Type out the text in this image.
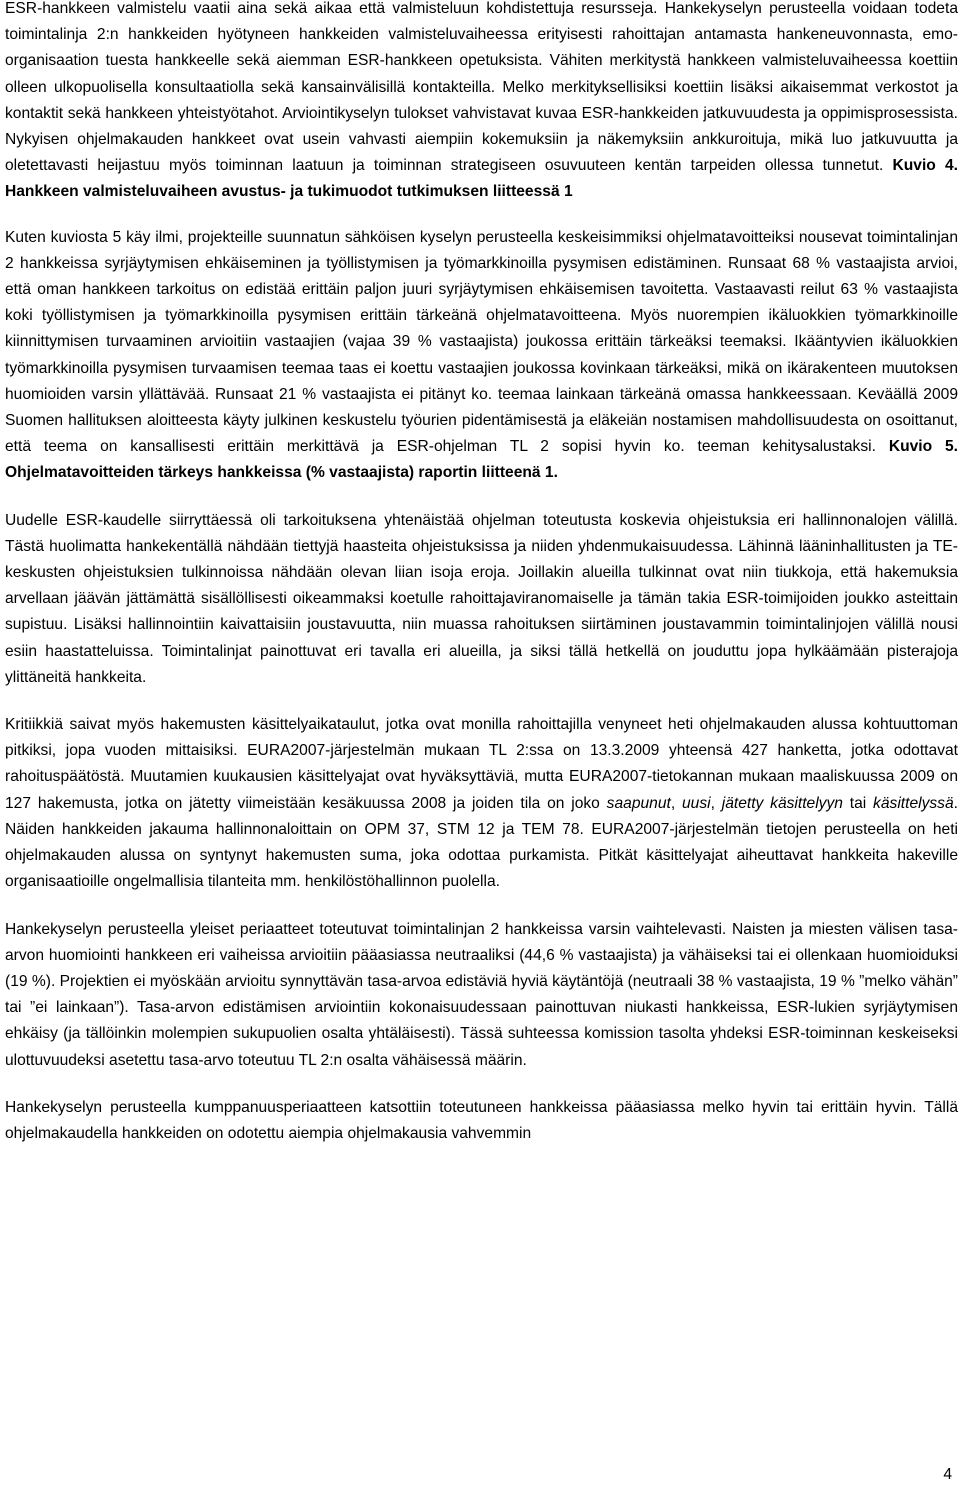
ESR-hankkeen valmistelu vaatii aina sekä aikaa että valmisteluun kohdistettuja resursseja. Hankekyselyn perusteella voidaan todeta toimintalinja 2:n hankkeiden hyötyneen hankkeiden valmisteluvaiheessa erityisesti rahoittajan antamasta hankeneuvonnasta, emo-organisaation tuesta hankkeelle sekä aiemman ESR-hankkeen opetuksista. Vähiten merkitystä hankkeen valmisteluvaiheessa koettiin olleen ulkopuolisella konsultaatiolla sekä kansainvälisillä kontakteilla. Melko merkityksellisiksi koettiin lisäksi aikaisemmat verkostot ja kontaktit sekä hankkeen yhteistyötahot. Arviointikyselyn tulokset vahvistavat kuvaa ESR-hankkeiden jatkuvuudesta ja oppimisprosessista. Nykyisen ohjelmakauden hankkeet ovat usein vahvasti aiempiin kokemuksiin ja näkemyksiin ankkuroituja, mikä luo jatkuvuutta ja oletettavasti heijastuu myös toiminnan laatuun ja toiminnan strategiseen osuvuuteen kentän tarpeiden ollessa tunnetut. Kuvio 4. Hankkeen valmisteluvaiheen avustus- ja tukimuodot tutkimuksen liitteessä 1

Kuten kuviosta 5 käy ilmi, projekteille suunnatun sähköisen kyselyn perusteella keskeisimmiksi ohjelmatavoitteiksi nousevat toimintalinjan 2 hankkeissa syrjäytymisen ehkäiseminen ja työllistymisen ja työmarkkinoilla pysymisen edistäminen. Runsaat 68 % vastaajista arvioi, että oman hankkeen tarkoitus on edistää erittäin paljon juuri syrjäytymisen ehkäisemisen tavoitetta. Vastaavasti reilut 63 % vastaajista koki työllistymisen ja työmarkkinoilla pysymisen erittäin tärkeänä ohjelmatavoitteena. Myös nuorempien ikäluokkien työmarkkinoille kiinnittymisen turvaaminen arvioitiin vastaajien (vajaa 39 % vastaajista) joukossa erittäin tärkeäksi teemaksi. Ikääntyvien ikäluokkien työmarkkinoilla pysymisen turvaamisen teemaa taas ei koettu vastaajien joukossa kovinkaan tärkeäksi, mikä on ikärakenteen muutoksen huomioiden varsin yllättävää. Runsaat 21 % vastaajista ei pitänyt ko. teemaa lainkaan tärkeänä omassa hankkeessaan. Keväällä 2009 Suomen hallituksen aloitteesta käyty julkinen keskustelu työurien pidentämisestä ja eläkeiän nostamisen mahdollisuudesta on osoittanut, että teema on kansallisesti erittäin merkittävä ja ESR-ohjelman TL 2 sopisi hyvin ko. teeman kehitysalustaksi. Kuvio 5. Ohjelmatavoitteiden tärkeys hankkeissa (% vastaajista) raportin liitteenä 1.

Uudelle ESR-kaudelle siirryttäessä oli tarkoituksena yhtenäistää ohjelman toteutusta koskevia ohjeistuksia eri hallinnonalojen välillä. Tästä huolimatta hankekentällä nähdään tiettyjä haasteita ohjeistuksissa ja niiden yhdenmukaisuudessa. Lähinnä lääninhallitusten ja TE-keskusten ohjeistuksien tulkinnoissa nähdään olevan liian isoja eroja. Joillakin alueilla tulkinnat ovat niin tiukkoja, että hakemuksia arvellaan jäävän jättämättä sisällöllisesti oikeammaksi koetulle rahoittajaviranomaiselle ja tämän takia ESR-toimijoiden joukko asteittain supistuu. Lisäksi hallinnointiin kaivattaisiin joustavuutta, niin muassa rahoituksen siirtäminen joustavammin toimintalinjojen välillä nousi esiin haastatteluissa. Toimintalinjat painottuvat eri tavalla eri alueilla, ja siksi tällä hetkellä on jouduttu jopa hylkäämään pisterajoja ylittäneitä hankkeita.

Kritiikkiä saivat myös hakemusten käsittelyaikataulut, jotka ovat monilla rahoittajilla venyneet heti ohjelmakauden alussa kohtuuttoman pitkiksi, jopa vuoden mittaisiksi. EURA2007-järjestelmän mukaan TL 2:ssa on 13.3.2009 yhteensä 427 hanketta, jotka odottavat rahoituspäätöstä. Muutamien kuukausien käsittelyajat ovat hyväksyttäviä, mutta EURA2007-tietokannan mukaan maaliskuussa 2009 on 127 hakemusta, jotka on jätetty viimeistään kesäkuussa 2008 ja joiden tila on joko saapunut, uusi, jätetty käsittelyyn tai käsittelyssä. Näiden hankkeiden jakauma hallinnonaloittain on OPM 37, STM 12 ja TEM 78. EURA2007-järjestelmän tietojen perusteella on heti ohjelmakauden alussa on syntynyt hakemusten suma, joka odottaa purkamista. Pitkät käsittelyajat aiheuttavat hankkeita hakeville organisaatioille ongelmallisia tilanteita mm. henkilöstöhallinnon puolella.

Hankekyselyn perusteella yleiset periaatteet toteutuvat toimintalinjan 2 hankkeissa varsin vaihtelevasti. Naisten ja miesten välisen tasa-arvon huomiointi hankkeen eri vaiheissa arvioitiin pääasiassa neutraaliksi (44,6 % vastaajista) ja vähäiseksi tai ei ollenkaan huomioiduksi (19 %). Projektien ei myöskään arvioitu synnyttävän tasa-arvoa edistäviä hyviä käytäntöjä (neutraali 38 % vastaajista, 19 % ”melko vähän” tai ”ei lainkaan”). Tasa-arvon edistämisen arviointiin kokonaisuudessaan painottuvan niukasti hankkeissa, ESR-lukien syrjäytymisen ehkäisy (ja tällöinkin molempien sukupuolien osalta yhtäläisesti). Tässä suhteessa komission tasolta yhdeksi ESR-toiminnan keskeiseksi ulottuvuudeksi asetettu tasa-arvo toteutuu TL 2:n osalta vähäisessä määrin.

Hankekyselyn perusteella kumppanuusperiaatteen katsottiin toteutuneen hankkeissa pääasiassa melko hyvin tai erittäin hyvin. Tällä ohjelmakaudella hankkeiden on odotettu aiempia ohjelmakausia vahvemmin

4
